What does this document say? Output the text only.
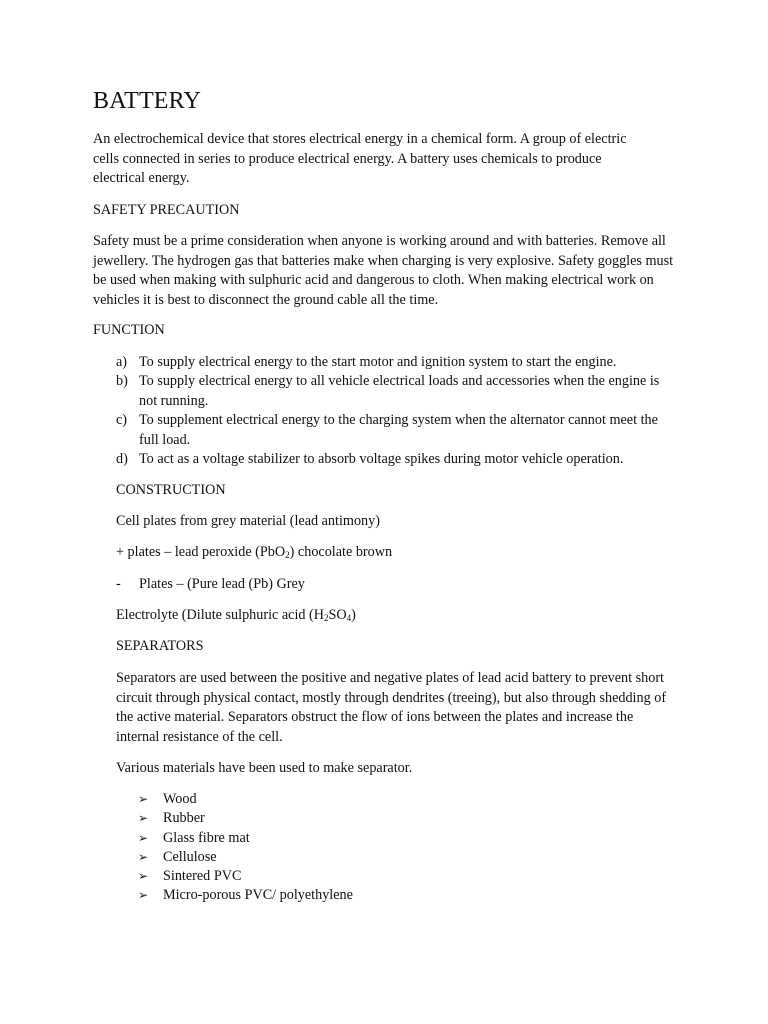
BATTERY

An electrochemical device that stores electrical energy in a chemical form. A group of electric cells connected in series to produce electrical energy. A battery uses chemicals to produce electrical energy.

SAFETY PRECAUTION

Safety must be a prime consideration when anyone is working around and with batteries. Remove all jewellery. The hydrogen gas that batteries make when charging is very explosive. Safety goggles must be used when making with sulphuric acid and dangerous to cloth. When making electrical work on vehicles it is best to disconnect the ground cable all the time.

FUNCTION
a) To supply electrical energy to the start motor and ignition system to start the engine.
b) To supply electrical energy to all vehicle electrical loads and accessories when the engine is not running.
c) To supplement electrical energy to the charging system when the alternator cannot meet the full load.
d) To act as a voltage stabilizer to absorb voltage spikes during motor vehicle operation.
CONSTRUCTION
Cell plates from grey material (lead antimony)
+ plates – lead peroxide (PbO$_2$) chocolate brown
- Plates – (Pure lead (Pb) Grey
Electrolyte (Dilute sulphuric acid $(H_2SO_4)$
SEPARATORS

Separators are used between the positive and negative plates of lead acid battery to prevent short circuit through physical contact, mostly through dendrites (treeing), but also through shedding of the active material. Separators obstruct the flow of ions between the plates and increase the internal resistance of the cell.

Various materials have been used to make separator.
➢ Wood
➢ Rubber
➢ Glass fibre mat
➢ Cellulose
➢ Sintered PVC
➢ Micro-porous PVC/ polyethylene
